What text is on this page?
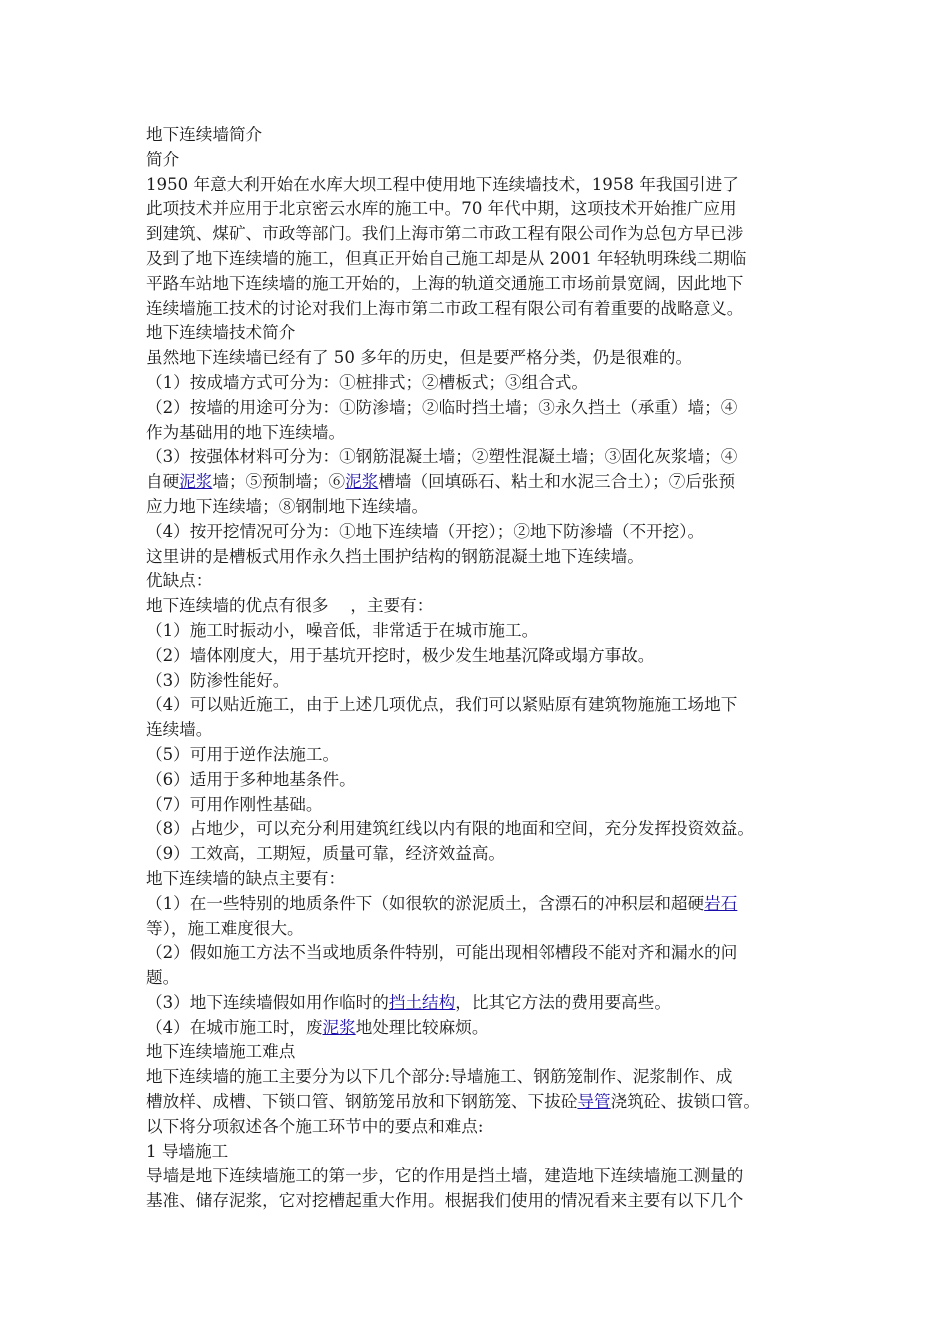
地下连续墙简介
简介
1950 年意大利开始在水库大坝工程中使用地下连续墙技术，1958 年我国引进了
此项技术并应用于北京密云水库的施工中。70 年代中期，这项技术开始推广应用
到建筑、煤矿、市政等部门。我们上海市第二市政工程有限公司作为总包方早已涉
及到了地下连续墙的施工，但真正开始自己施工却是从 2001 年轻轨明珠线二期临
平路车站地下连续墙的施工开始的，上海的轨道交通施工市场前景宽阔，因此地下
连续墙施工技术的讨论对我们上海市第二市政工程有限公司有着重要的战略意义。
地下连续墙技术简介
虽然地下连续墙已经有了 50 多年的历史，但是要严格分类，仍是很难的。
（1）按成墙方式可分为：①桩排式；②槽板式；③组合式。
（2）按墙的用途可分为：①防渗墙；②临时挡土墙；③永久挡土（承重）墙；④
作为基础用的地下连续墙。
（3）按强体材料可分为：①钢筋混凝土墙；②塑性混凝土墙；③固化灰浆墙；④
自硬泥浆墙；⑤预制墙；⑥泥浆槽墙（回填砾石、粘土和水泥三合土）；⑦后张预
应力地下连续墙；⑧钢制地下连续墙。
（4）按开挖情况可分为：①地下连续墙（开挖）；②地下防渗墙（不开挖）。
这里讲的是槽板式用作永久挡土围护结构的钢筋混凝土地下连续墙。
优缺点：
地下连续墙的优点有很多 　，主要有：
（1）施工时振动小，噪音低，非常适于在城市施工。
（2）墙体刚度大，用于基坑开挖时，极少发生地基沉降或塌方事故。
（3）防渗性能好。
（4）可以贴近施工，由于上述几项优点，我们可以紧贴原有建筑物施施工场地下
连续墙。
（5）可用于逆作法施工。
（6）适用于多种地基条件。
（7）可用作刚性基础。
（8）占地少，可以充分利用建筑红线以内有限的地面和空间，充分发挥投资效益。
（9）工效高，工期短，质量可靠，经济效益高。
地下连续墙的缺点主要有：
（1）在一些特别的地质条件下（如很软的淤泥质土，含漂石的冲积层和超硬岩石
等），施工难度很大。
（2）假如施工方法不当或地质条件特别，可能出现相邻槽段不能对齐和漏水的问
题。
（3）地下连续墙假如用作临时的挡土结构，比其它方法的费用要高些。
（4）在城市施工时，废泥浆地处理比较麻烦。
地下连续墙施工难点
地下连续墙的施工主要分为以下几个部分:导墙施工、钢筋笼制作、泥浆制作、成
槽放样、成槽、下锁口管、钢筋笼吊放和下钢筋笼、下拔砼导管浇筑砼、拔锁口管。
以下将分项叙述各个施工环节中的要点和难点:
1 导墙施工
导墙是地下连续墙施工的第一步，它的作用是挡土墙，建造地下连续墙施工测量的
基准、储存泥浆，它对挖槽起重大作用。根据我们使用的情况看来主要有以下几个
